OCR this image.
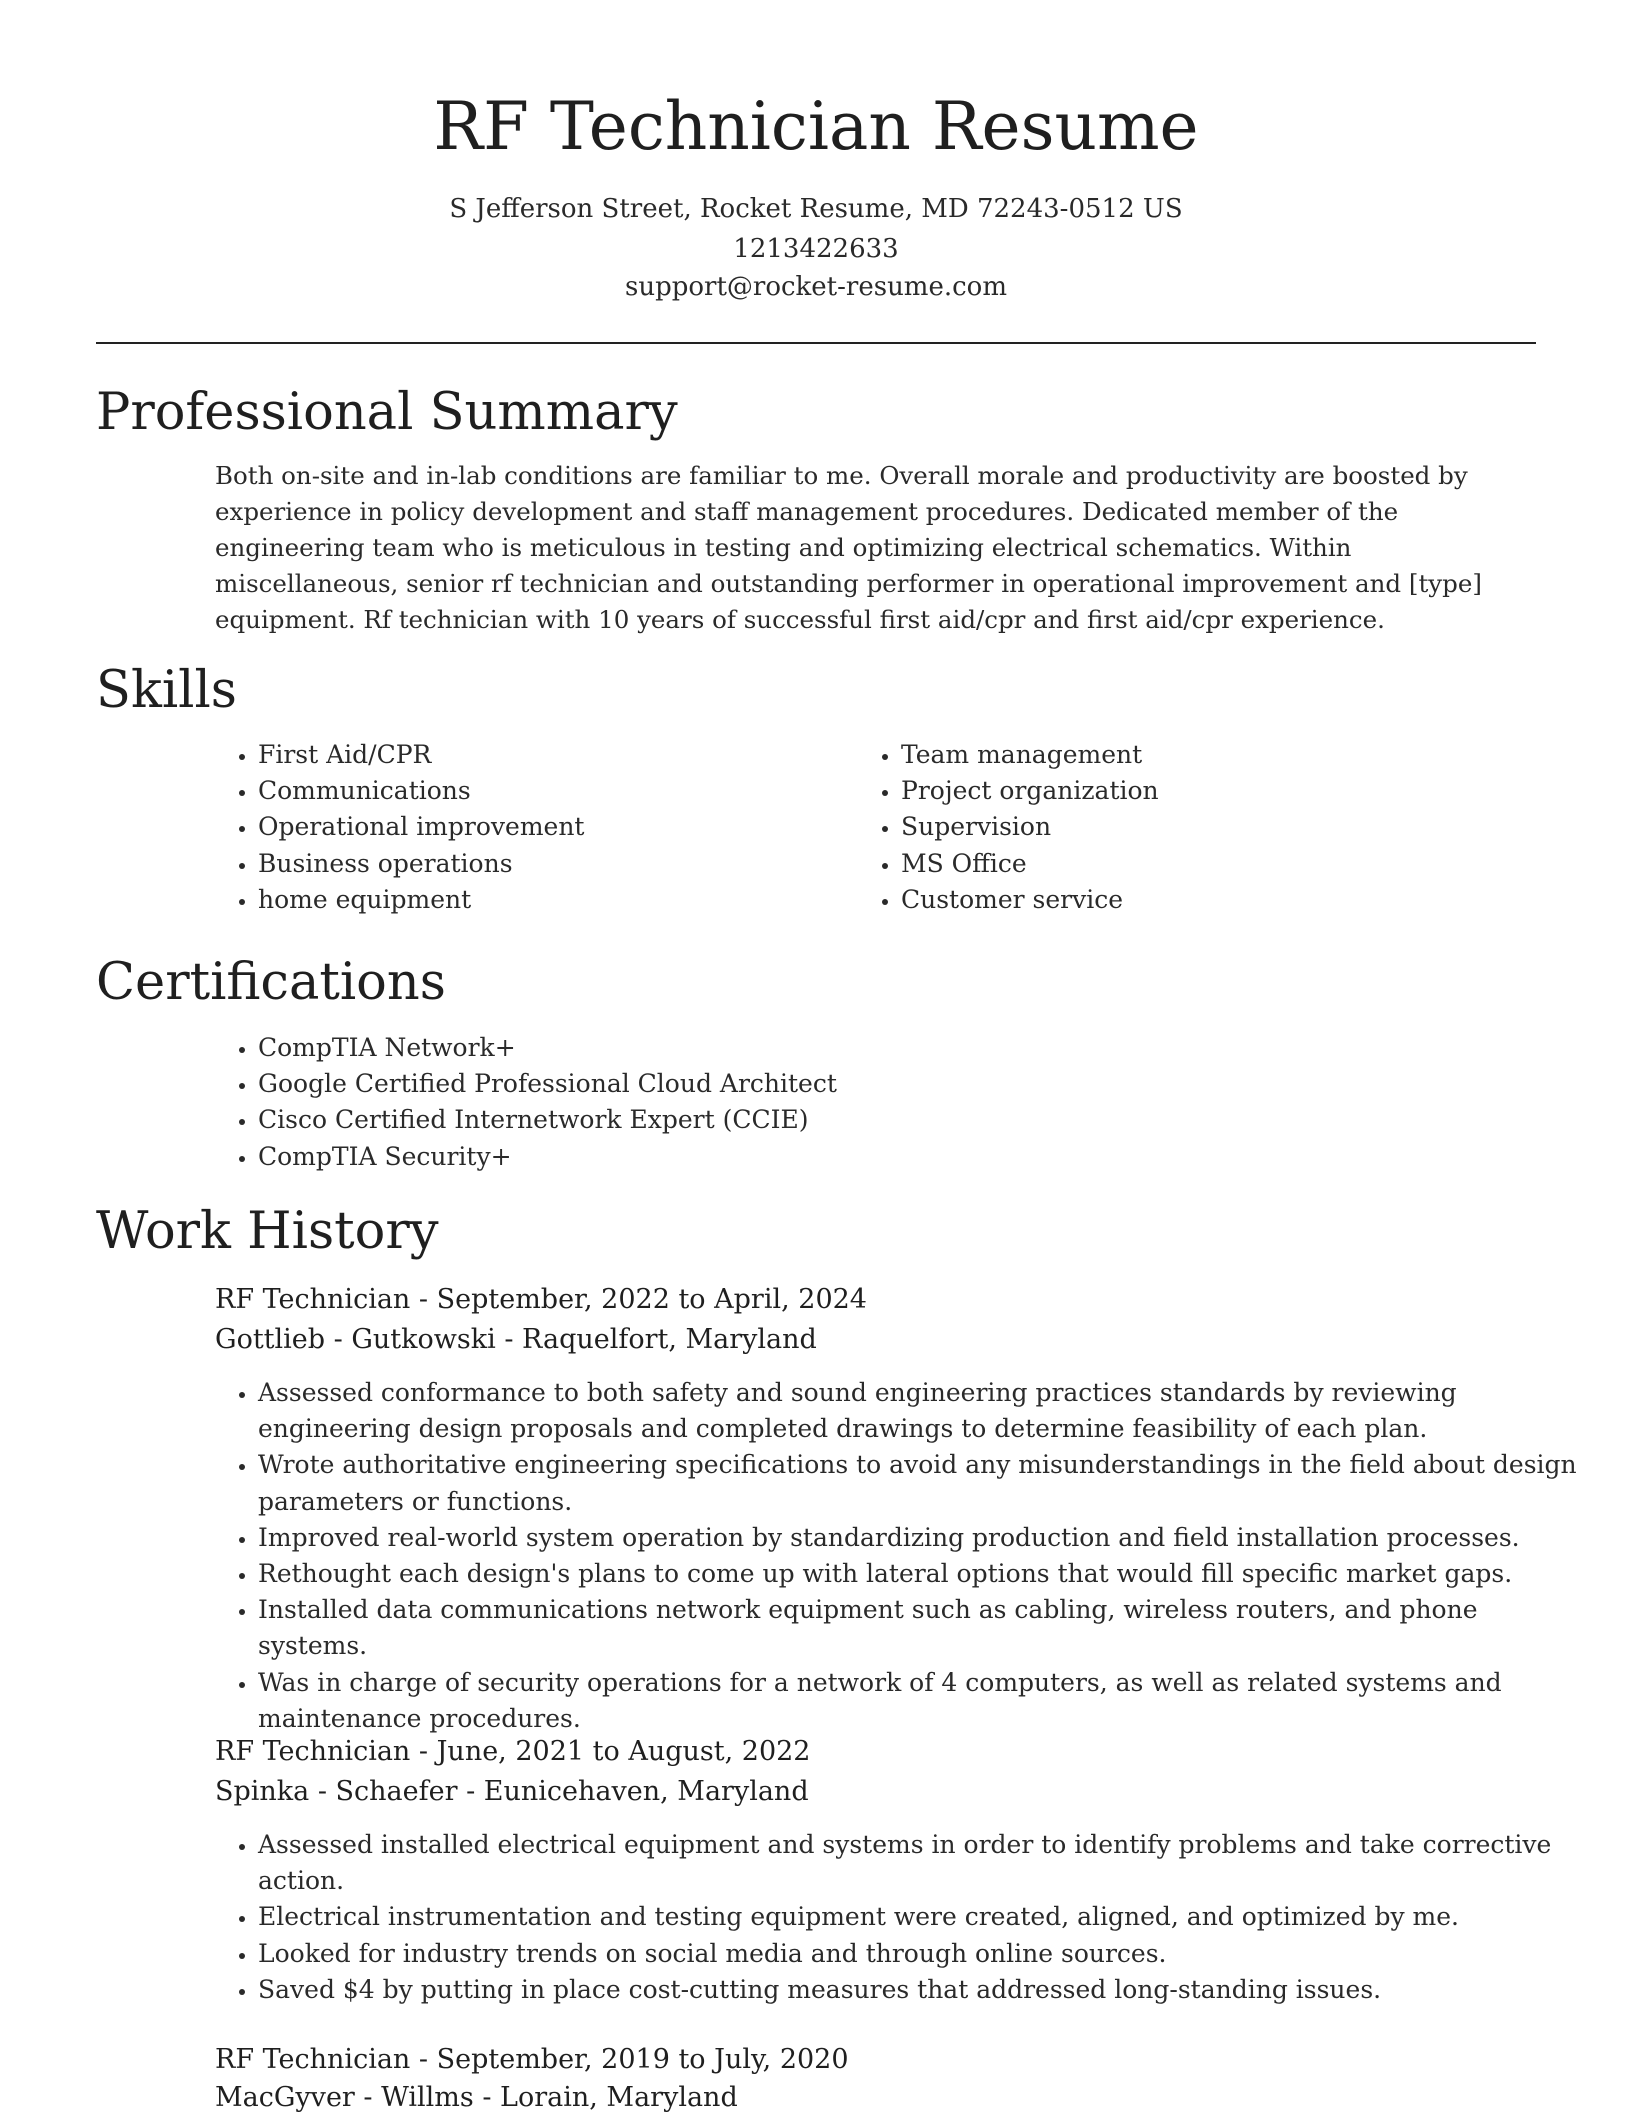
RF Technician Resume
S Jefferson Street, Rocket Resume, MD 72243-0512 US
1213422633
support@rocket-resume.com
Professional Summary

Both on-site and in-lab conditions are familiar to me. Overall morale and productivity are boosted by experience in policy development and staff management procedures. Dedicated member of the engineering team who is meticulous in testing and optimizing electrical schematics. Within miscellaneous, senior rf technician and outstanding performer in operational improvement and [type] equipment. Rf technician with 10 years of successful first aid/cpr and first aid/cpr experience.

Skills
• First Aid/CPR
• Communications
• Operational improvement
• Business operations
• home equipment
• Team management
• Project organization
• Supervision
• MS Office
• Customer service
Certifications
• CompTIA Network+
• Google Certified Professional Cloud Architect
• Cisco Certified Internetwork Expert (CCIE)
• CompTIA Security+
Work History
RF Technician - September, 2022 to April, 2024
Gottlieb - Gutkowski - Raquelfort, Maryland
• Assessed conformance to both safety and sound engineering practices standards by reviewing engineering design proposals and completed drawings to determine feasibility of each plan.
• Wrote authoritative engineering specifications to avoid any misunderstandings in the field about design parameters or functions.
• Improved real-world system operation by standardizing production and field installation processes.
• Rethought each design's plans to come up with lateral options that would fill specific market gaps.
• Installed data communications network equipment such as cabling, wireless routers, and phone systems.
• Was in charge of security operations for a network of 4 computers, as well as related systems and maintenance procedures.
RF Technician - June, 2021 to August, 2022
Spinka - Schaefer - Eunicehaven, Maryland
• Assessed installed electrical equipment and systems in order to identify problems and take corrective action.
• Electrical instrumentation and testing equipment were created, aligned, and optimized by me.
• Looked for industry trends on social media and through online sources.
• Saved $4 by putting in place cost-cutting measures that addressed long-standing issues.
RF Technician - September, 2019 to July, 2020
MacGyver - Willms - Lorain, Maryland
